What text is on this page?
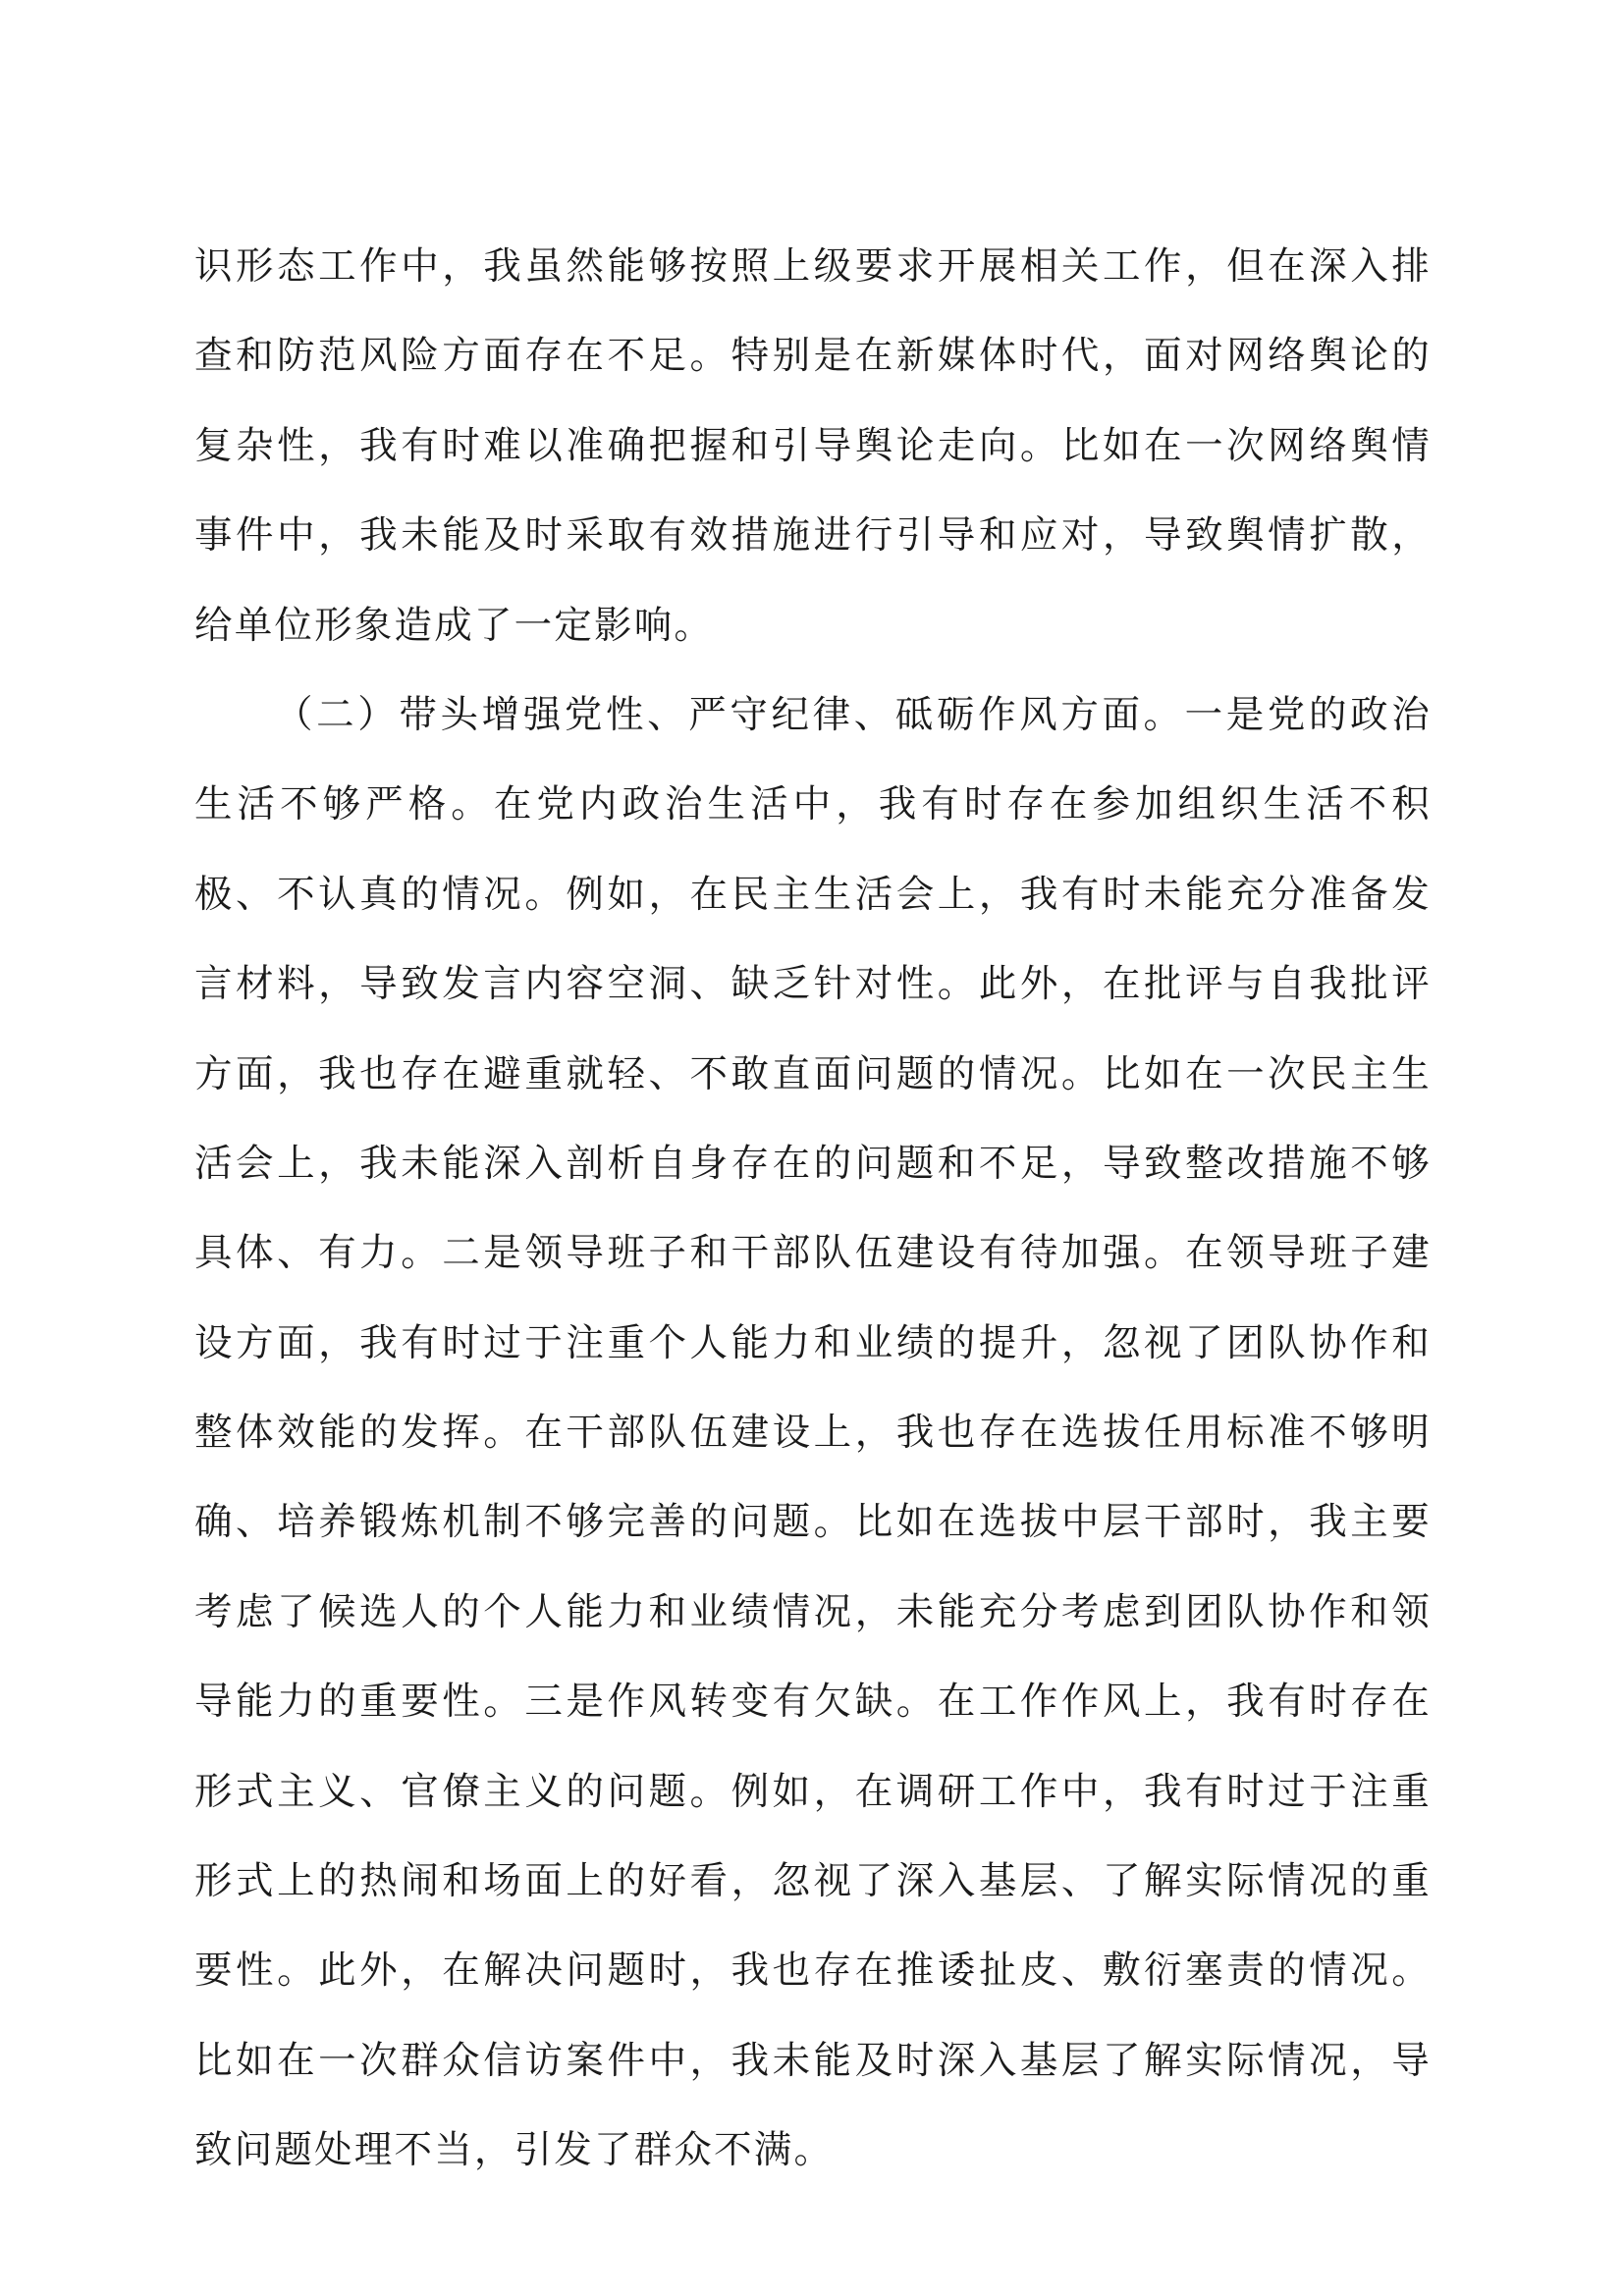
识形态工作中，我虽然能够按照上级要求开展相关工作，但在深入排
查和防范风险方面存在不足。特别是在新媒体时代，面对网络舆论的
复杂性，我有时难以准确把握和引导舆论走向。比如在一次网络舆情
事件中，我未能及时采取有效措施进行引导和应对，导致舆情扩散，
给单位形象造成了一定影响。
（二）带头增强党性、严守纪律、砥砺作风方面。一是党的政治
生活不够严格。在党内政治生活中，我有时存在参加组织生活不积
极、不认真的情况。例如，在民主生活会上，我有时未能充分准备发
言材料，导致发言内容空洞、缺乏针对性。此外，在批评与自我批评
方面，我也存在避重就轻、不敢直面问题的情况。比如在一次民主生
活会上，我未能深入剖析自身存在的问题和不足，导致整改措施不够
具体、有力。二是领导班子和干部队伍建设有待加强。在领导班子建
设方面，我有时过于注重个人能力和业绩的提升，忽视了团队协作和
整体效能的发挥。在干部队伍建设上，我也存在选拔任用标准不够明
确、培养锻炼机制不够完善的问题。比如在选拔中层干部时，我主要
考虑了候选人的个人能力和业绩情况，未能充分考虑到团队协作和领
导能力的重要性。三是作风转变有欠缺。在工作作风上，我有时存在
形式主义、官僚主义的问题。例如，在调研工作中，我有时过于注重
形式上的热闹和场面上的好看，忽视了深入基层、了解实际情况的重
要性。此外，在解决问题时，我也存在推诿扯皮、敷衍塞责的情况。
比如在一次群众信访案件中，我未能及时深入基层了解实际情况，导
致问题处理不当，引发了群众不满。
